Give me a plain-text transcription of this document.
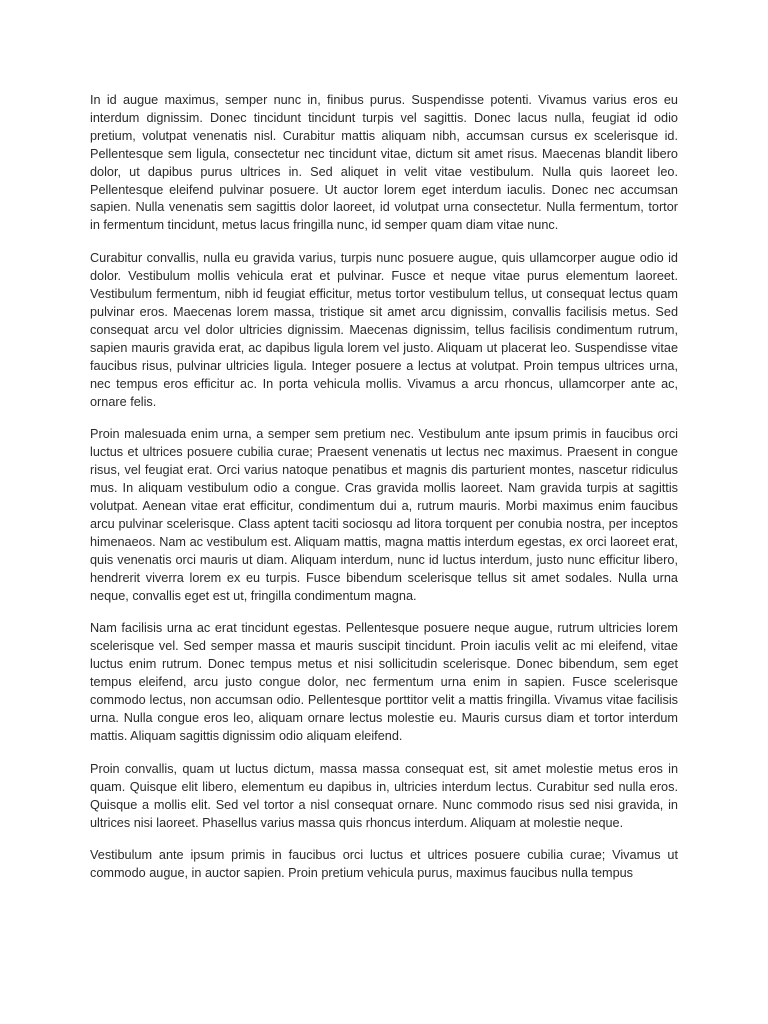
In id augue maximus, semper nunc in, finibus purus. Suspendisse potenti. Vivamus varius eros eu interdum dignissim. Donec tincidunt tincidunt turpis vel sagittis. Donec lacus nulla, feugiat id odio pretium, volutpat venenatis nisl. Curabitur mattis aliquam nibh, accumsan cursus ex scelerisque id. Pellentesque sem ligula, consectetur nec tincidunt vitae, dictum sit amet risus. Maecenas blandit libero dolor, ut dapibus purus ultrices in. Sed aliquet in velit vitae vestibulum. Nulla quis laoreet leo. Pellentesque eleifend pulvinar posuere. Ut auctor lorem eget interdum iaculis. Donec nec accumsan sapien. Nulla venenatis sem sagittis dolor laoreet, id volutpat urna consectetur. Nulla fermentum, tortor in fermentum tincidunt, metus lacus fringilla nunc, id semper quam diam vitae nunc.

Curabitur convallis, nulla eu gravida varius, turpis nunc posuere augue, quis ullamcorper augue odio id dolor. Vestibulum mollis vehicula erat et pulvinar. Fusce et neque vitae purus elementum laoreet. Vestibulum fermentum, nibh id feugiat efficitur, metus tortor vestibulum tellus, ut consequat lectus quam pulvinar eros. Maecenas lorem massa, tristique sit amet arcu dignissim, convallis facilisis metus. Sed consequat arcu vel dolor ultricies dignissim. Maecenas dignissim, tellus facilisis condimentum rutrum, sapien mauris gravida erat, ac dapibus ligula lorem vel justo. Aliquam ut placerat leo. Suspendisse vitae faucibus risus, pulvinar ultricies ligula. Integer posuere a lectus at volutpat. Proin tempus ultrices urna, nec tempus eros efficitur ac. In porta vehicula mollis. Vivamus a arcu rhoncus, ullamcorper ante ac, ornare felis.

Proin malesuada enim urna, a semper sem pretium nec. Vestibulum ante ipsum primis in faucibus orci luctus et ultrices posuere cubilia curae; Praesent venenatis ut lectus nec maximus. Praesent in congue risus, vel feugiat erat. Orci varius natoque penatibus et magnis dis parturient montes, nascetur ridiculus mus. In aliquam vestibulum odio a congue. Cras gravida mollis laoreet. Nam gravida turpis at sagittis volutpat. Aenean vitae erat efficitur, condimentum dui a, rutrum mauris. Morbi maximus enim faucibus arcu pulvinar scelerisque. Class aptent taciti sociosqu ad litora torquent per conubia nostra, per inceptos himenaeos. Nam ac vestibulum est. Aliquam mattis, magna mattis interdum egestas, ex orci laoreet erat, quis venenatis orci mauris ut diam. Aliquam interdum, nunc id luctus interdum, justo nunc efficitur libero, hendrerit viverra lorem ex eu turpis. Fusce bibendum scelerisque tellus sit amet sodales. Nulla urna neque, convallis eget est ut, fringilla condimentum magna.

Nam facilisis urna ac erat tincidunt egestas. Pellentesque posuere neque augue, rutrum ultricies lorem scelerisque vel. Sed semper massa et mauris suscipit tincidunt. Proin iaculis velit ac mi eleifend, vitae luctus enim rutrum. Donec tempus metus et nisi sollicitudin scelerisque. Donec bibendum, sem eget tempus eleifend, arcu justo congue dolor, nec fermentum urna enim in sapien. Fusce scelerisque commodo lectus, non accumsan odio. Pellentesque porttitor velit a mattis fringilla. Vivamus vitae facilisis urna. Nulla congue eros leo, aliquam ornare lectus molestie eu. Mauris cursus diam et tortor interdum mattis. Aliquam sagittis dignissim odio aliquam eleifend.

Proin convallis, quam ut luctus dictum, massa massa consequat est, sit amet molestie metus eros in quam. Quisque elit libero, elementum eu dapibus in, ultricies interdum lectus. Curabitur sed nulla eros. Quisque a mollis elit. Sed vel tortor a nisl consequat ornare. Nunc commodo risus sed nisi gravida, in ultrices nisi laoreet. Phasellus varius massa quis rhoncus interdum. Aliquam at molestie neque.

Vestibulum ante ipsum primis in faucibus orci luctus et ultrices posuere cubilia curae; Vivamus ut commodo augue, in auctor sapien. Proin pretium vehicula purus, maximus faucibus nulla tempus
